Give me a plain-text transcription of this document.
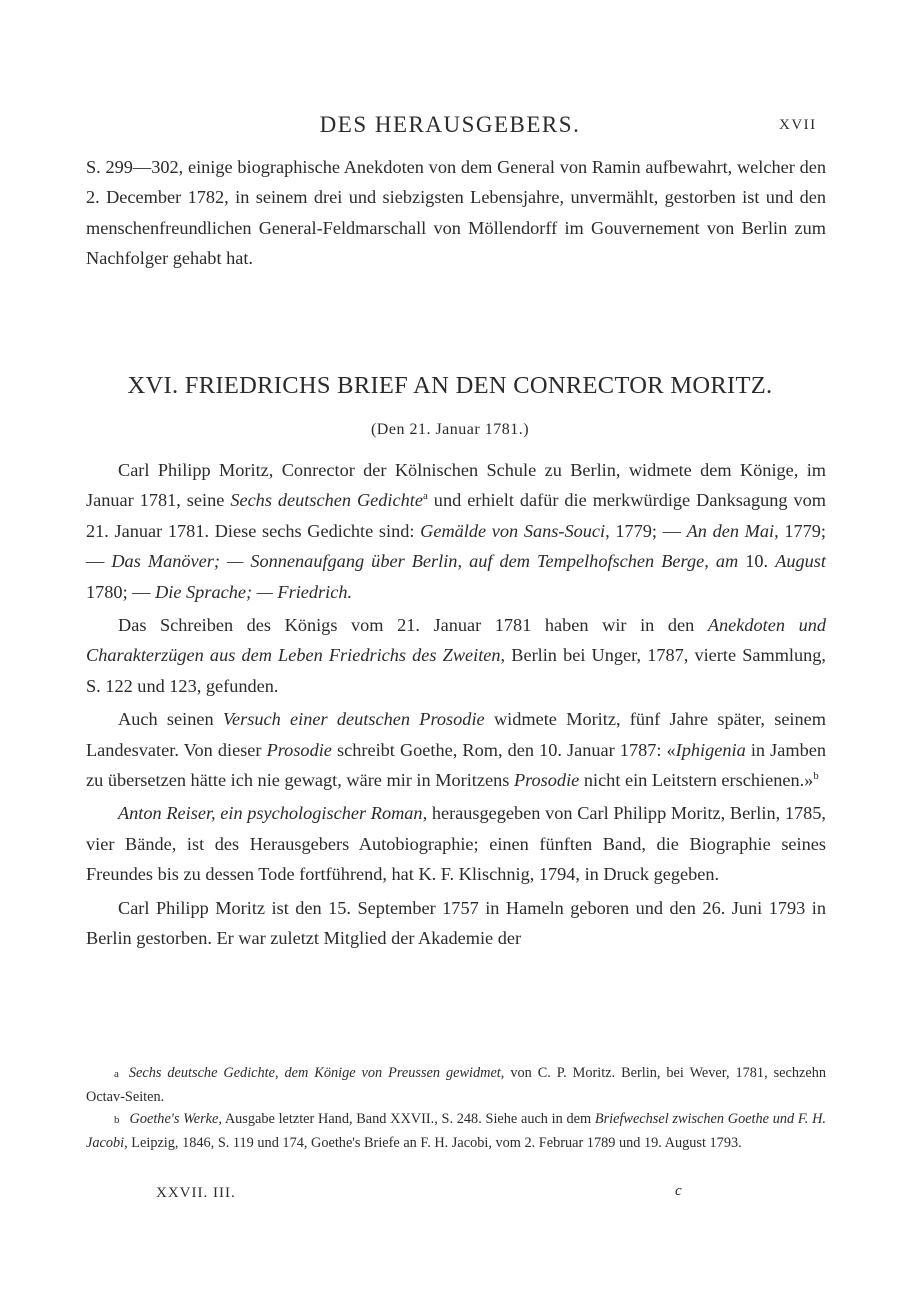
DES HERAUSGEBERS.	XVII

S. 299—302, einige biographische Anekdoten von dem General von Ramin aufbewahrt, welcher den 2. December 1782, in seinem drei und siebzigsten Lebensjahre, unvermählt, gestorben ist und den menschenfreundlichen General-Feldmarschall von Möllendorff im Gouvernement von Berlin zum Nachfolger gehabt hat.

XVI. FRIEDRICHS BRIEF AN DEN CONRECTOR MORITZ.
(Den 21. Januar 1781.)

Carl Philipp Moritz, Conrector der Kölnischen Schule zu Berlin, widmete dem Könige, im Januar 1781, seine Sechs deutschen Gedichte$^a$ und erhielt dafür die merkwürdige Danksagung vom 21. Januar 1781. Diese sechs Gedichte sind: Gemälde von Sans-Souci, 1779; — An den Mai, 1779; — Das Manöver; — Sonnenaufgang über Berlin, auf dem Tempelhofschen Berge, am 10. August 1780; — Die Sprache; — Friedrich.

Das Schreiben des Königs vom 21. Januar 1781 haben wir in den Anekdoten und Charakterzügen aus dem Leben Friedrichs des Zweiten, Berlin bei Unger, 1787, vierte Sammlung, S. 122 und 123, gefunden.

Auch seinen Versuch einer deutschen Prosodie widmete Moritz, fünf Jahre später, seinem Landesvater. Von dieser Prosodie schreibt Goethe, Rom, den 10. Januar 1787: «Iphigenia in Jamben zu übersetzen hätte ich nie gewagt, wäre mir in Moritzens Prosodie nicht ein Leitstern erschienen.»$^b$

Anton Reiser, ein psychologischer Roman, herausgegeben von Carl Philipp Moritz, Berlin, 1785, vier Bände, ist des Herausgebers Autobiographie; einen fünften Band, die Biographie seines Freundes bis zu dessen Tode fortführend, hat K. F. Klischnig, 1794, in Druck gegeben.

Carl Philipp Moritz ist den 15. September 1757 in Hameln geboren und den 26. Juni 1793 in Berlin gestorben. Er war zuletzt Mitglied der Akademie der

a Sechs deutsche Gedichte, dem Könige von Preussen gewidmet, von C. P. Moritz. Berlin, bei Wever, 1781, sechzehn Octav-Seiten.

b Goethe's Werke, Ausgabe letzter Hand, Band XXVII., S. 248. Siehe auch in dem Briefwechsel zwischen Goethe und F. H. Jacobi, Leipzig, 1846, S. 119 und 174, Goethe's Briefe an F. H. Jacobi, vom 2. Februar 1789 und 19. August 1793.

XXVII. III.	c
